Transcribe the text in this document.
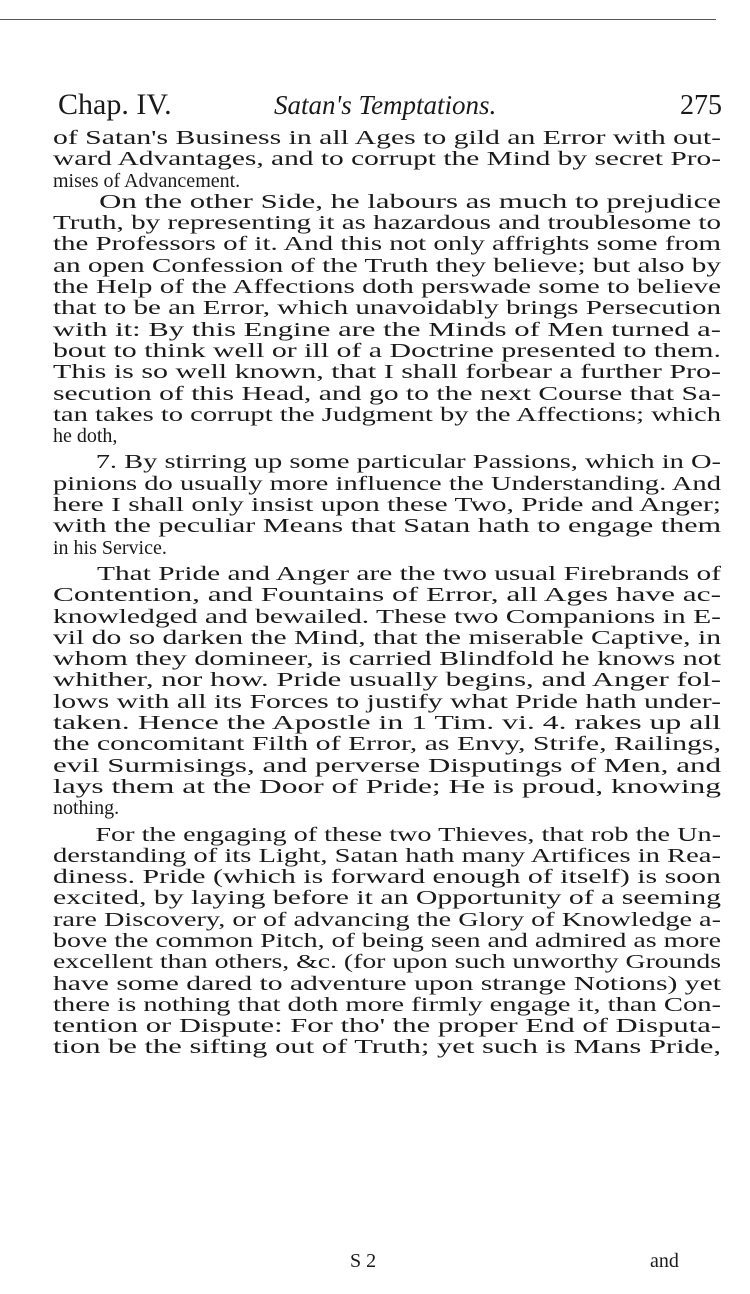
Chap. IV.	Satan's Temptations.	275
of Satan's Business in all Ages to gild an Error with out-
ward Advantages, and to corrupt the Mind by secret Pro-
mises of Advancement.
On the other Side, he labours as much to prejudice
Truth, by representing it as hazardous and troublesome to
the Professors of it. And this not only affrights some from
an open Confession of the Truth they believe; but also by
the Help of the Affections doth perswade some to believe
that to be an Error, which unavoidably brings Persecution
with it: By this Engine are the Minds of Men turned a-
bout to think well or ill of a Doctrine presented to them.
This is so well known, that I shall forbear a further Pro-
secution of this Head, and go to the next Course that Sa-
tan takes to corrupt the Judgment by the Affections; which
he doth,
7. By stirring up some particular Passions, which in O-
pinions do usually more influence the Understanding. And
here I shall only insist upon these Two, Pride and Anger;
with the peculiar Means that Satan hath to engage them
in his Service.
That Pride and Anger are the two usual Firebrands of
Contention, and Fountains of Error, all Ages have ac-
knowledged and bewailed. These two Companions in E-
vil do so darken the Mind, that the miserable Captive, in
whom they domineer, is carried Blindfold he knows not
whither, nor how. Pride usually begins, and Anger fol-
lows with all its Forces to justify what Pride hath under-
taken. Hence the Apostle in 1 Tim. vi. 4. rakes up all
the concomitant Filth of Error, as Envy, Strife, Railings,
evil Surmisings, and perverse Disputings of Men, and
lays them at the Door of Pride; He is proud, knowing
nothing.
For the engaging of these two Thieves, that rob the Un-
derstanding of its Light, Satan hath many Artifices in Rea-
diness. Pride (which is forward enough of itself) is soon
excited, by laying before it an Opportunity of a seeming
rare Discovery, or of advancing the Glory of Knowledge a-
bove the common Pitch, of being seen and admired as more
excellent than others, &c. (for upon such unworthy Grounds
have some dared to adventure upon strange Notions) yet
there is nothing that doth more firmly engage it, than Con-
tention or Dispute: For tho' the proper End of Disputa-
tion be the sifting out of Truth; yet such is Mans Pride,
S 2	and
